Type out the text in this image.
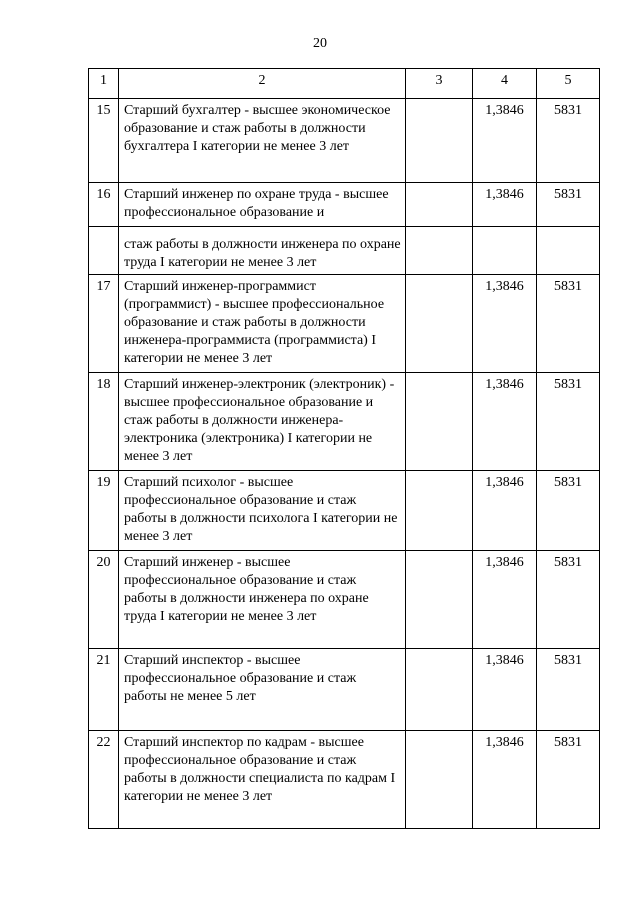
20
1	2	3	4	5
15	Старший бухгалтер - высшее экономическое образование и стаж работы в должности бухгалтера I категории не менее 3 лет		1,3846	5831
16	Старший инженер по охране труда - высшее профессиональное образование и		1,3846	5831
	стаж работы в должности инженера по охране труда I категории не менее 3 лет			
17	Старший инженер-программист (программист) - высшее профессиональное образование и стаж работы в должности инженера-программиста (программиста) I категории не менее 3 лет		1,3846	5831
18	Старший инженер-электроник (электроник) - высшее профессиональное образование и стаж работы в должности инженера-электроника (электроника) I категории не менее 3 лет		1,3846	5831
19	Старший психолог - высшее профессиональное образование и стаж работы в должности психолога I категории не менее 3 лет		1,3846	5831
20	Старший инженер - высшее профессиональное образование и стаж работы в должности инженера по охране труда I категории не менее 3 лет		1,3846	5831
21	Старший инспектор - высшее профессиональное образование и стаж работы не менее 5 лет		1,3846	5831
22	Старший инспектор по кадрам - высшее профессиональное образование и стаж работы в должности специалиста по кадрам I категории не менее 3 лет		1,3846	5831
